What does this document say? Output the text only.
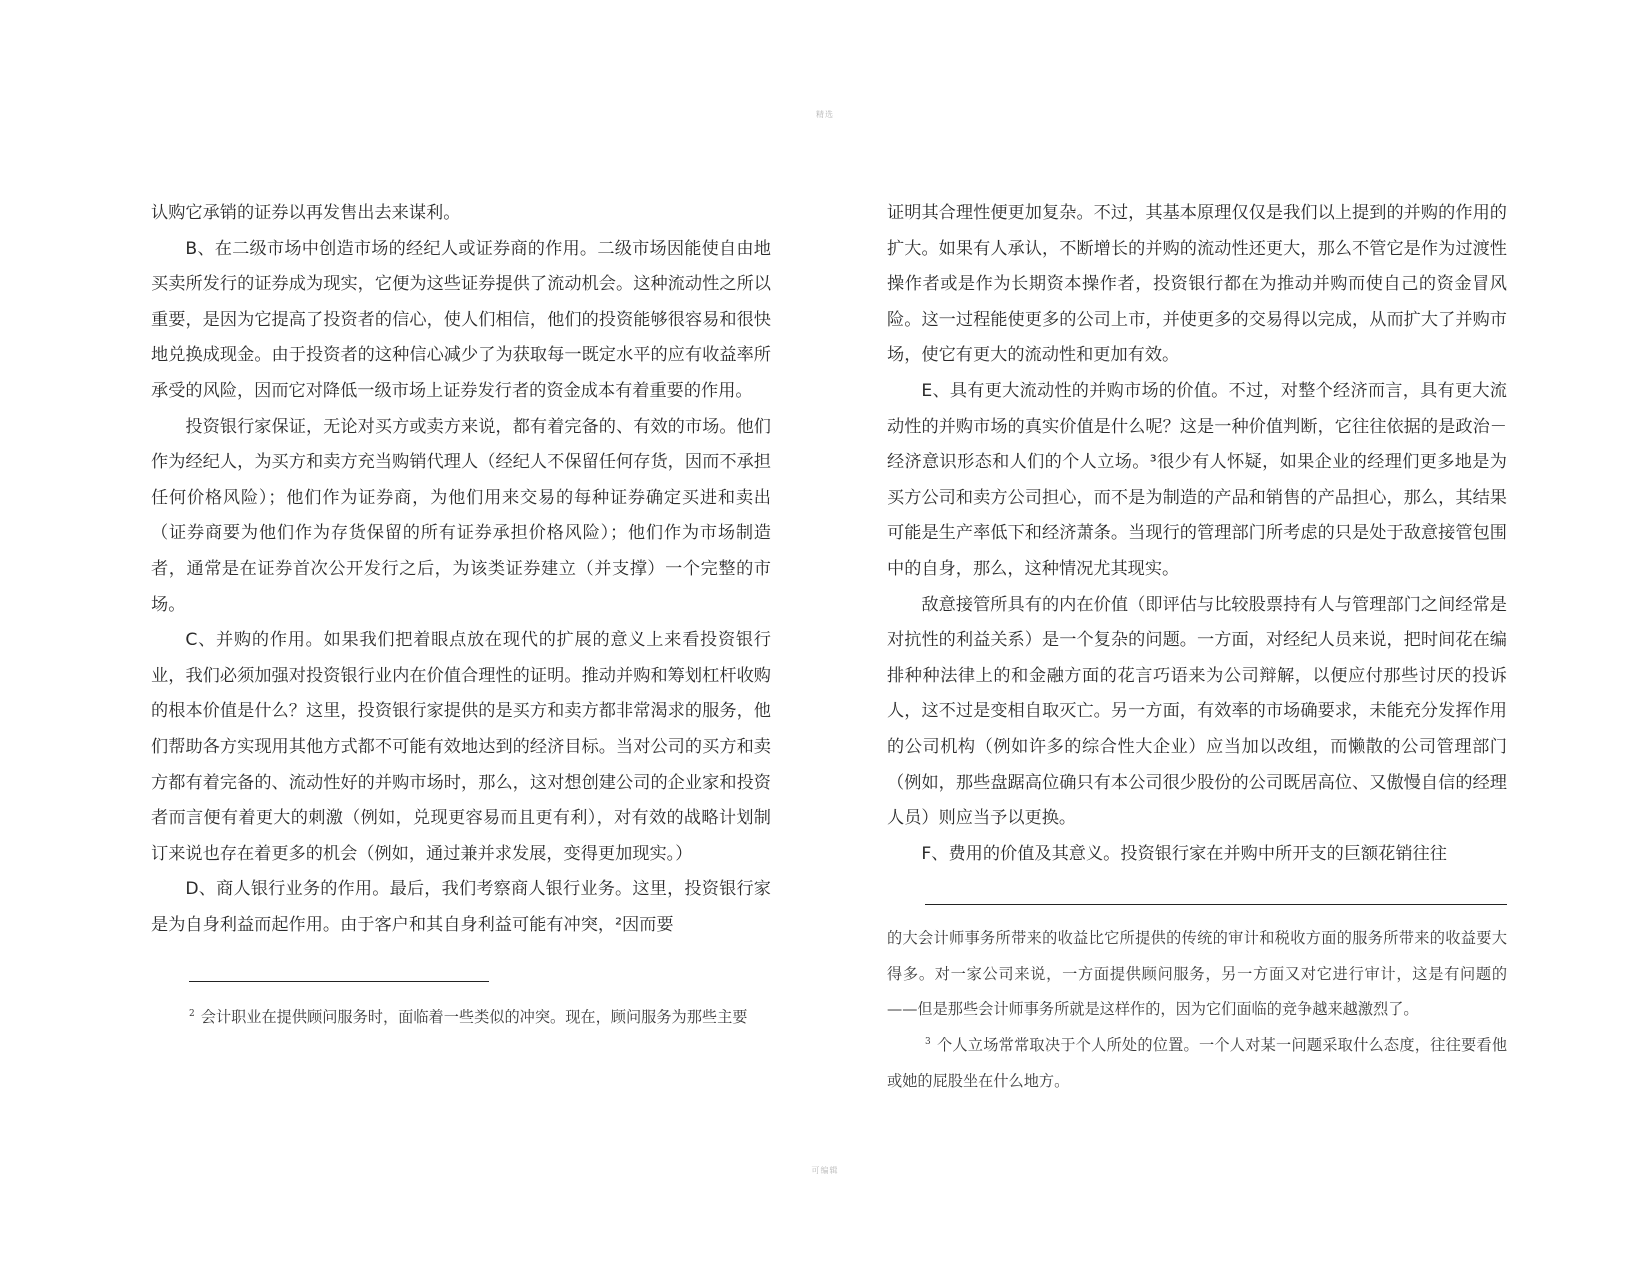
精选

认购它承销的证券以再发售出去来谋利。

B、在二级市场中创造市场的经纪人或证券商的作用。二级市场因能使自由地买卖所发行的证券成为现实，它便为这些证券提供了流动机会。这种流动性之所以重要，是因为它提高了投资者的信心，使人们相信，他们的投资能够很容易和很快地兑换成现金。由于投资者的这种信心减少了为获取每一既定水平的应有收益率所承受的风险，因而它对降低一级市场上证券发行者的资金成本有着重要的作用。

投资银行家保证，无论对买方或卖方来说，都有着完备的、有效的市场。他们作为经纪人，为买方和卖方充当购销代理人（经纪人不保留任何存货，因而不承担任何价格风险）；他们作为证券商，为他们用来交易的每种证券确定买进和卖出（证券商要为他们作为存货保留的所有证券承担价格风险）；他们作为市场制造者，通常是在证券首次公开发行之后，为该类证券建立（并支撑）一个完整的市场。

C、并购的作用。如果我们把着眼点放在现代的扩展的意义上来看投资银行业，我们必须加强对投资银行业内在价值合理性的证明。推动并购和筹划杠杆收购的根本价值是什么？这里，投资银行家提供的是买方和卖方都非常渴求的服务，他们帮助各方实现用其他方式都不可能有效地达到的经济目标。当对公司的买方和卖方都有着完备的、流动性好的并购市场时，那么，这对想创建公司的企业家和投资者而言便有着更大的刺激（例如，兑现更容易而且更有利），对有效的战略计划制订来说也存在着更多的机会（例如，通过兼并求发展，变得更加现实。）

D、商人银行业务的作用。最后，我们考察商人银行业务。这里，投资银行家是为自身利益而起作用。由于客户和其自身利益可能有冲突，²因而要

$^2$ 会计职业在提供顾问服务时，面临着一些类似的冲突。现在，顾问服务为那些主要

证明其合理性便更加复杂。不过，其基本原理仅仅是我们以上提到的并购的作用的扩大。如果有人承认，不断增长的并购的流动性还更大，那么不管它是作为过渡性操作者或是作为长期资本操作者，投资银行都在为推动并购而使自己的资金冒风险。这一过程能使更多的公司上市，并使更多的交易得以完成，从而扩大了并购市场，使它有更大的流动性和更加有效。

E、具有更大流动性的并购市场的价值。不过，对整个经济而言，具有更大流动性的并购市场的真实价值是什么呢？这是一种价值判断，它往往依据的是政治－经济意识形态和人们的个人立场。³很少有人怀疑，如果企业的经理们更多地是为买方公司和卖方公司担心，而不是为制造的产品和销售的产品担心，那么，其结果可能是生产率低下和经济萧条。当现行的管理部门所考虑的只是处于敌意接管包围中的自身，那么，这种情况尤其现实。

敌意接管所具有的内在价值（即评估与比较股票持有人与管理部门之间经常是对抗性的利益关系）是一个复杂的问题。一方面，对经纪人员来说，把时间花在编排种种法律上的和金融方面的花言巧语来为公司辩解，以便应付那些讨厌的投诉人，这不过是变相自取灭亡。另一方面，有效率的市场确要求，未能充分发挥作用的公司机构（例如许多的综合性大企业）应当加以改组，而懒散的公司管理部门（例如，那些盘踞高位确只有本公司很少股份的公司既居高位、又傲慢自信的经理人员）则应当予以更换。

F、费用的价值及其意义。投资银行家在并购中所开支的巨额花销往往

的大会计师事务所带来的收益比它所提供的传统的审计和税收方面的服务所带来的收益要大得多。对一家公司来说，一方面提供顾问服务，另一方面又对它进行审计，这是有问题的——但是那些会计师事务所就是这样作的，因为它们面临的竞争越来越激烈了。

$^3$ 个人立场常常取决于个人所处的位置。一个人对某一问题采取什么态度，往往要看他或她的屁股坐在什么地方。

可编辑
